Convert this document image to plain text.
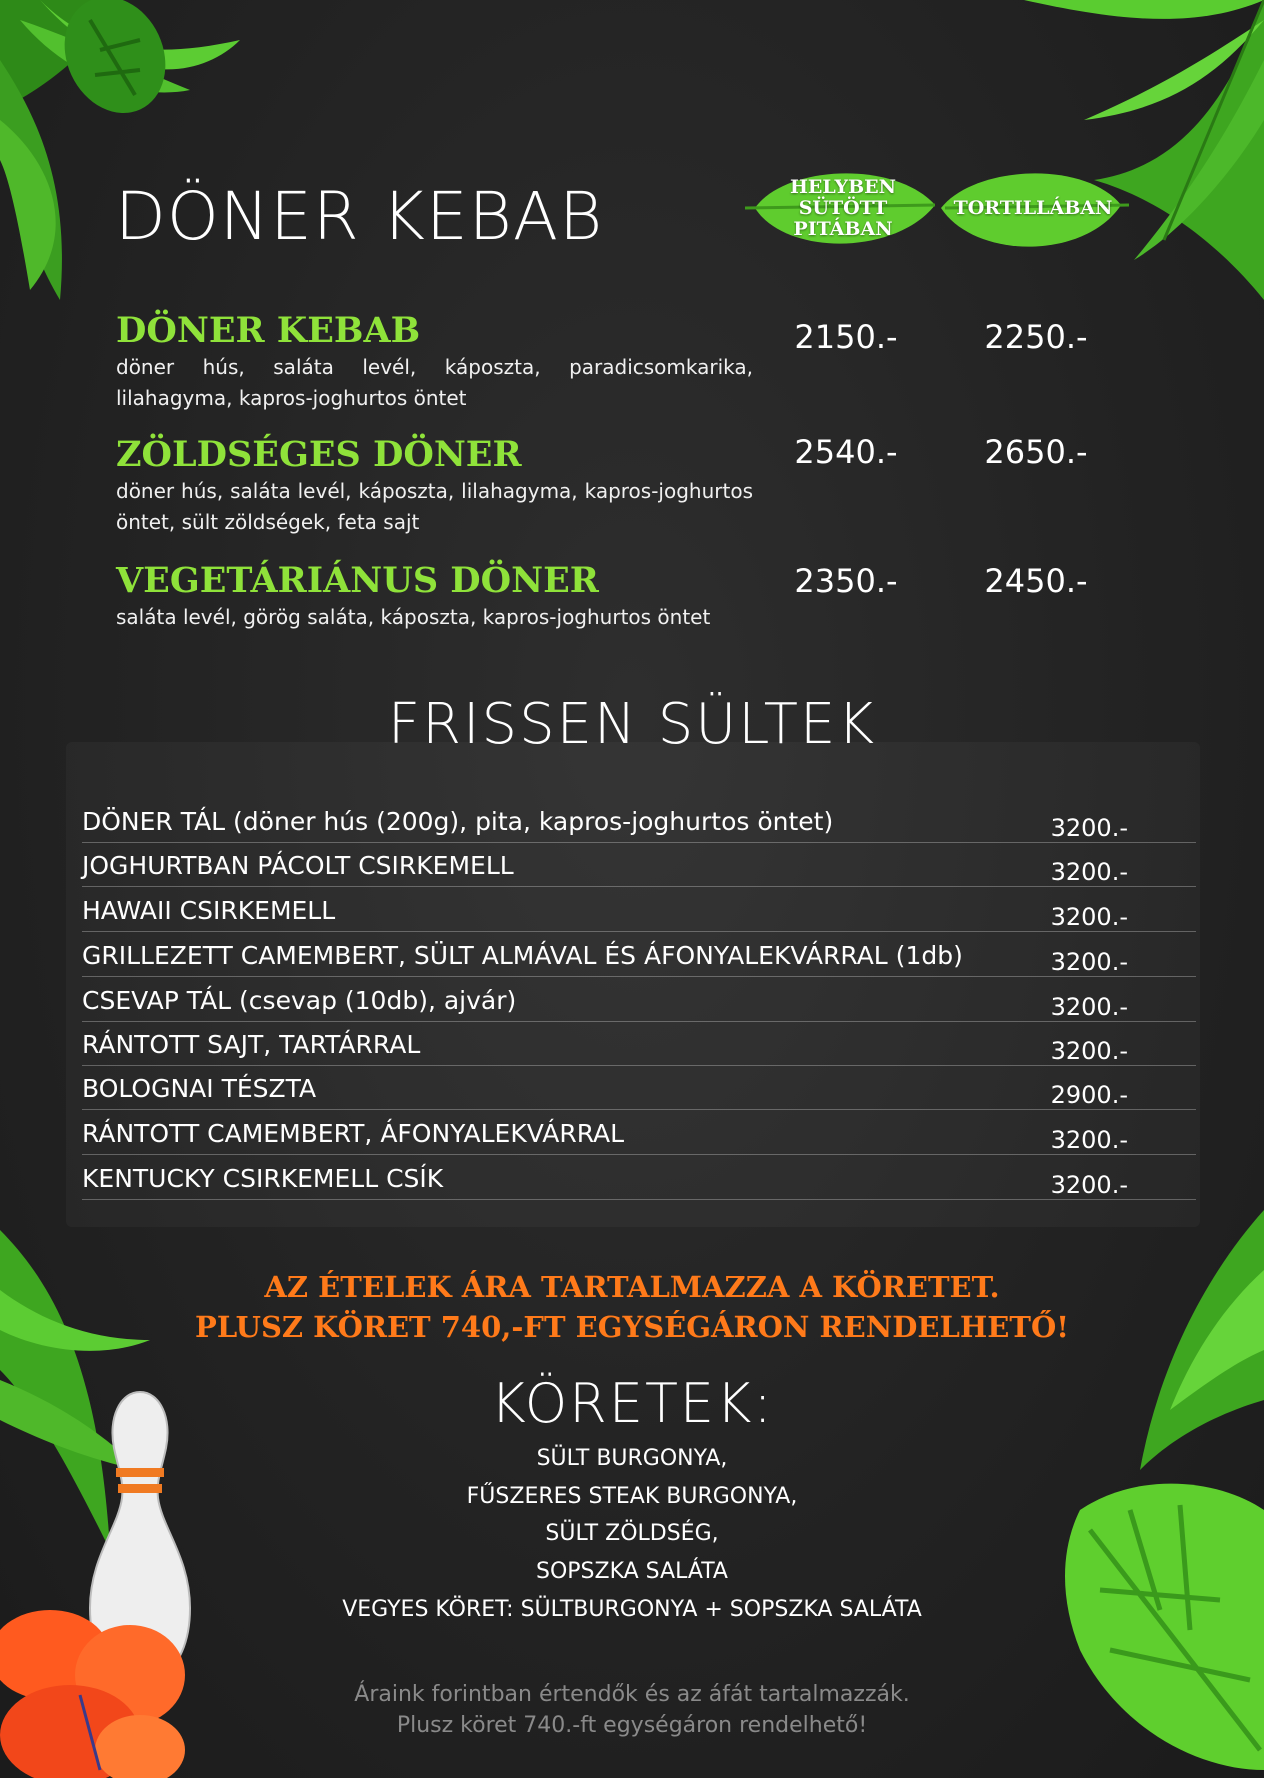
DÖNER KEBAB	HELYBEN SÜTÖTT PITÁBAN
TORTILLÁBAN
DÖNER KEBAB
döner hús, saláta levél, káposzta, paradicsomkarika, lilahagyma, kapros-joghurtos öntet
2150.-	2250.-
ZÖLDSÉGES DÖNER
döner hús, saláta levél, káposzta, lilahagyma, kapros-joghurtos öntet, sült zöldségek, feta sajt
2540.-	2650.-
VEGETÁRIÁNUS DÖNER
saláta levél, görög saláta, káposzta, kapros-joghurtos öntet
2350.-	2450.-
FRISSEN SÜLTEK
DÖNER TÁL (döner hús (200g), pita, kapros-joghurtos öntet)	3200.-
JOGHURTBAN PÁCOLT CSIRKEMELL	3200.-
HAWAII CSIRKEMELL	3200.-
GRILLEZETT CAMEMBERT, SÜLT ALMÁVAL ÉS ÁFONYALEKVÁRRAL (1db)	3200.-
CSEVAP TÁL (csevap (10db), ajvár)	3200.-
RÁNTOTT SAJT, TARTÁRRAL	3200.-
BOLOGNAI TÉSZTA	2900.-
RÁNTOTT CAMEMBERT, ÁFONYALEKVÁRRAL	3200.-
KENTUCKY CSIRKEMELL CSÍK	3200.-
AZ ÉTELEK ÁRA TARTALMAZZA A KÖRETET.
PLUSZ KÖRET 740,-FT EGYSÉGÁRON RENDELHETŐ!
KÖRETEK:
SÜLT BURGONYA,
FŰSZERES STEAK BURGONYA,
SÜLT ZÖLDSÉG,
SOPSZKA SALÁTA
VEGYES KÖRET: SÜLTBURGONYA + SOPSZKA SALÁTA
Áraink forintban értendők és az áfát tartalmazzák.
Plusz köret 740.-ft egységáron rendelhető!
